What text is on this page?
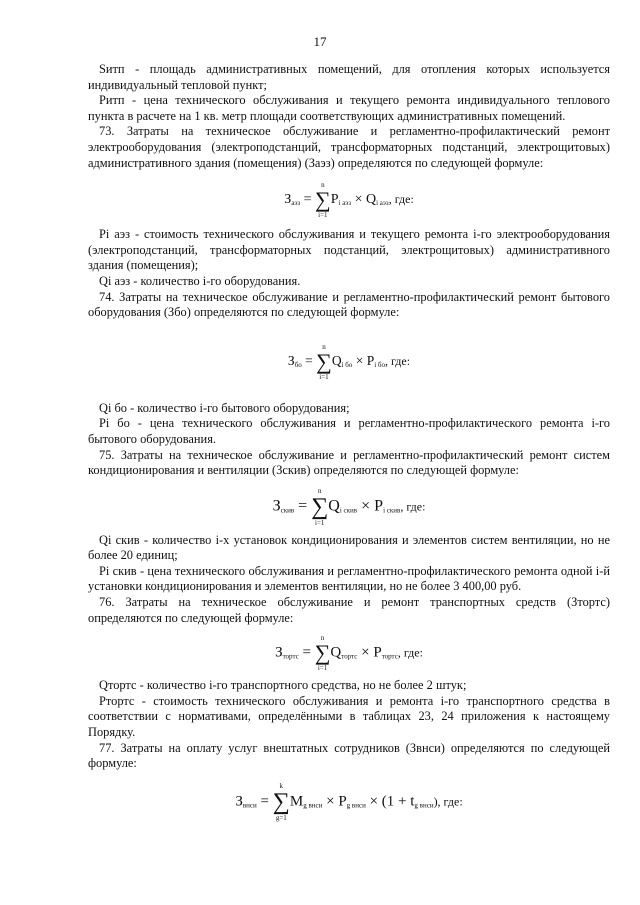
17

Sитп - площадь административных помещений, для отопления которых используется индивидуальный тепловой пункт;

Pитп - цена технического обслуживания и текущего ремонта индивидуального теплового пункта в расчете на 1 кв. метр площади соответствующих административных помещений.

73. Затраты на техническое обслуживание и регламентно-профилактический ремонт электрооборудования (электроподстанций, трансформаторных подстанций, электрощитовых) административного здания (помещения) (Заэз) определяются по следующей формуле:

$З_{аэз}$ =
n
∑
i=1
$P_{i аэз} \times Q_{i аэз}$, где:

Pі аэз - стоимость технического обслуживания и текущего ремонта i-го электрооборудования (электроподстанций, трансформаторных подстанций, электрощитовых) административного здания (помещения);

Qі аэз - количество i-го оборудования.

74. Затраты на техническое обслуживание и регламентно-профилактический ремонт бытового оборудования (Збо) определяются по следующей формуле:

$З_{бо}$ =
n
∑
i=1
$Q_{i бо} \times P_{i бо}$, где:

Qі бо - количество i-го бытового оборудования;

Pі бо - цена технического обслуживания и регламентно-профилактического ремонта i-го бытового оборудования.

75. Затраты на техническое обслуживание и регламентно-профилактический ремонт систем кондиционирования и вентиляции (Зскив) определяются по следующей формуле:

$З_{скив}$ =
n
∑
i=1
$Q_{i скив} \times P_{i скив}$, где:

Qі скив - количество i-х установок кондиционирования и элементов систем вентиляции, но не более 20 единиц;

Pі скив - цена технического обслуживания и регламентно-профилактического ремонта одной i-й установки кондиционирования и элементов вентиляции, но не более 3 400,00 руб.

76. Затраты на техническое обслуживание и ремонт транспортных средств (Зтортс) определяются по следующей формуле:

$З_{тортс}$ =
n
∑
i=1
$Q_{тортс} \times P_{тортс}$, где:

Qтортс - количество i-го транспортного средства, но не более 2 штук;

Pтортс - стоимость технического обслуживания и ремонта i-го транспортного средства в соответствии с нормативами, определёнными в таблицах 23, 24 приложения к настоящему Порядку.

77. Затраты на оплату услуг внештатных сотрудников (Звнси) определяются по следующей формуле:

$З_{внси}$ =
k
∑
g=1
$M_{g внси} \times P_{g внси} \times (1 + t_{g внси})$, где:
